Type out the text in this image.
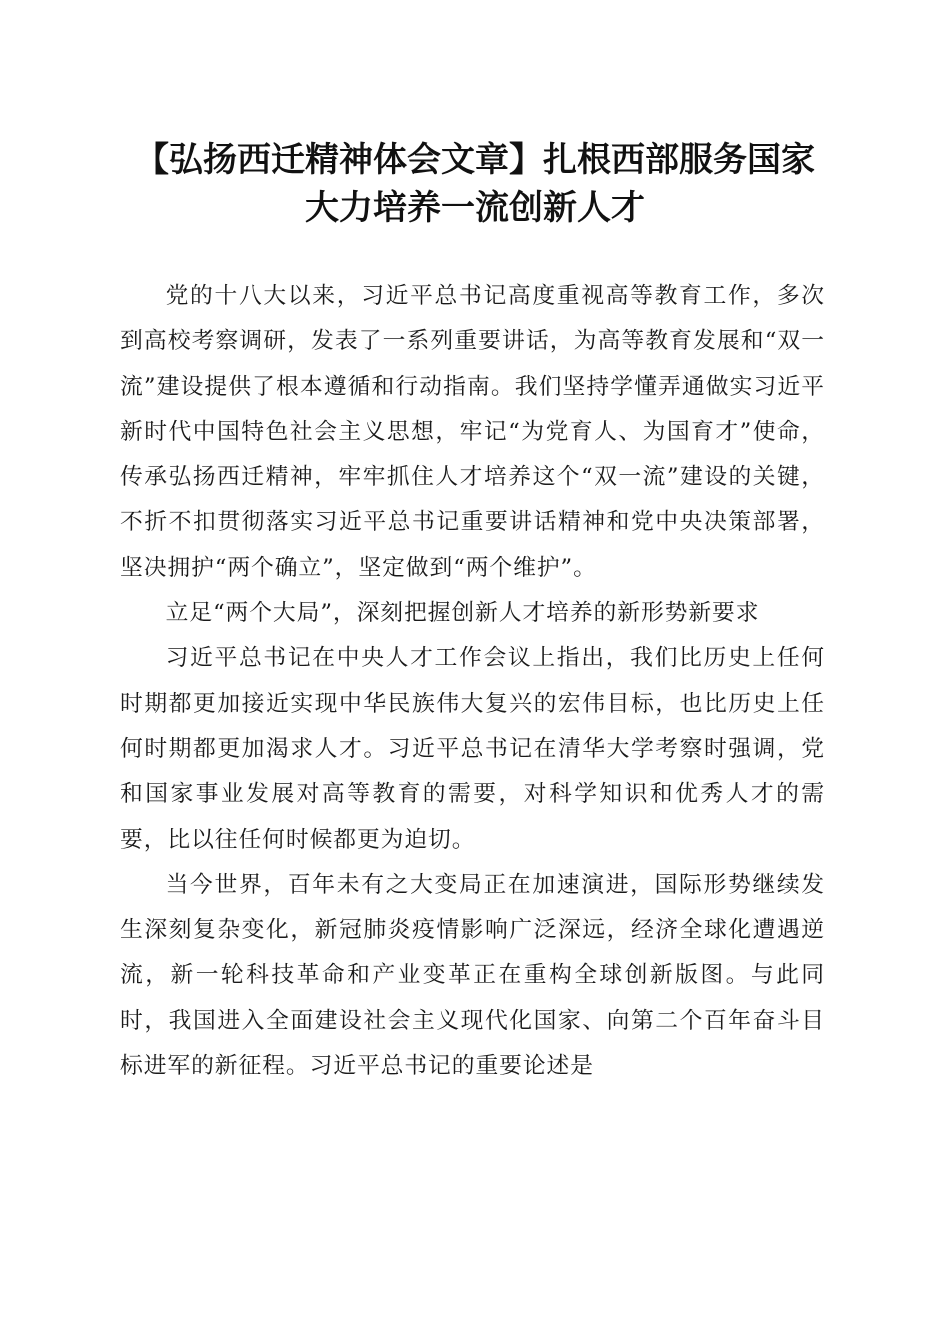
【弘扬西迁精神体会文章】扎根西部服务国家
大力培养一流创新人才

党的十八大以来，习近平总书记高度重视高等教育工作，多次到高校考察调研，发表了一系列重要讲话，为高等教育发展和“双一流”建设提供了根本遵循和行动指南。我们坚持学懂弄通做实习近平新时代中国特色社会主义思想，牢记“为党育人、为国育才”使命，传承弘扬西迁精神，牢牢抓住人才培养这个“双一流”建设的关键，不折不扣贯彻落实习近平总书记重要讲话精神和党中央决策部署，坚决拥护“两个确立”，坚定做到“两个维护”。

立足“两个大局”，深刻把握创新人才培养的新形势新要求

习近平总书记在中央人才工作会议上指出，我们比历史上任何时期都更加接近实现中华民族伟大复兴的宏伟目标，也比历史上任何时期都更加渴求人才。习近平总书记在清华大学考察时强调，党和国家事业发展对高等教育的需要，对科学知识和优秀人才的需要，比以往任何时候都更为迫切。

当今世界，百年未有之大变局正在加速演进，国际形势继续发生深刻复杂变化，新冠肺炎疫情影响广泛深远，经济全球化遭遇逆流，新一轮科技革命和产业变革正在重构全球创新版图。与此同时，我国进入全面建设社会主义现代化国家、向第二个百年奋斗目标进军的新征程。习近平总书记的重要论述是
